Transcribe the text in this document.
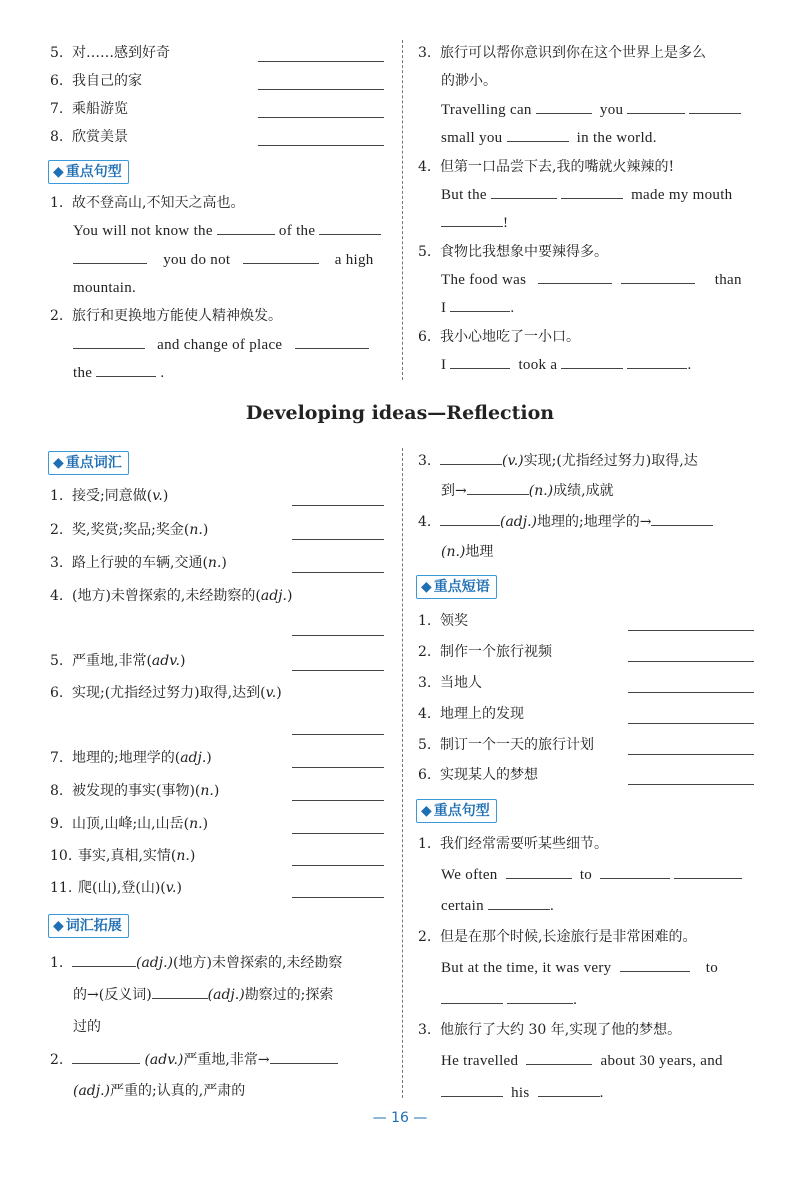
5. 对……感到好奇
6. 我自己的家
7. 乘船游览
8. 欣赏美景
◆ 重点句型
1. 故不登高山,不知天之高也。
You will not know the	of the
you do not	a high
mountain.
2. 旅行和更换地方能使人精神焕发。
and change of place
the	.
3. 旅行可以帮你意识到你在这个世界上是多么
的渺小。
Travelling can	you
small you	in the world.
4. 但第一口品尝下去,我的嘴就火辣辣的!
But the	made my mouth
!
5. 食物比我想象中要辣得多。
The food was	than
I	.
6. 我小心地吃了一小口。
I	took a	.
Developing ideas—Reflection
◆ 重点词汇
1. 接受;同意做(v.)
2. 奖,奖赏;奖品;奖金(n.)
3. 路上行驶的车辆,交通(n.)
4. (地方)未曾探索的,未经勘察的(adj.)
5. 严重地,非常(adv.)
6. 实现;(尤指经过努力)取得,达到(v.)
7. 地理的;地理学的(adj.)
8. 被发现的事实(事物)(n.)
9. 山顶,山峰;山,山岳(n.)
10. 事实,真相,实情(n.)
11. 爬(山),登(山)(v.)
◆ 词汇拓展
1.	(adj.)(地方)未曾探索的,未经勘察
的→(反义词)	(adj.)勘察过的;探索
过的
2.	(adv.)严重地,非常→
(adj.)严重的;认真的,严肃的
3.	(v.)实现;(尤指经过努力)取得,达
到→	(n.)成绩,成就
4.	(adj.)地理的;地理学的→
(n.)地理
◆ 重点短语
1. 领奖
2. 制作一个旅行视频
3. 当地人
4. 地理上的发现
5. 制订一个一天的旅行计划
6. 实现某人的梦想
◆ 重点句型
1. 我们经常需要听某些细节。
We often	to
certain	.
2. 但是在那个时候,长途旅行是非常困难的。
But at the time, it was very	to
.
3. 他旅行了大约 30 年,实现了他的梦想。
He travelled	about 30 years, and
his	.
— 16 —
